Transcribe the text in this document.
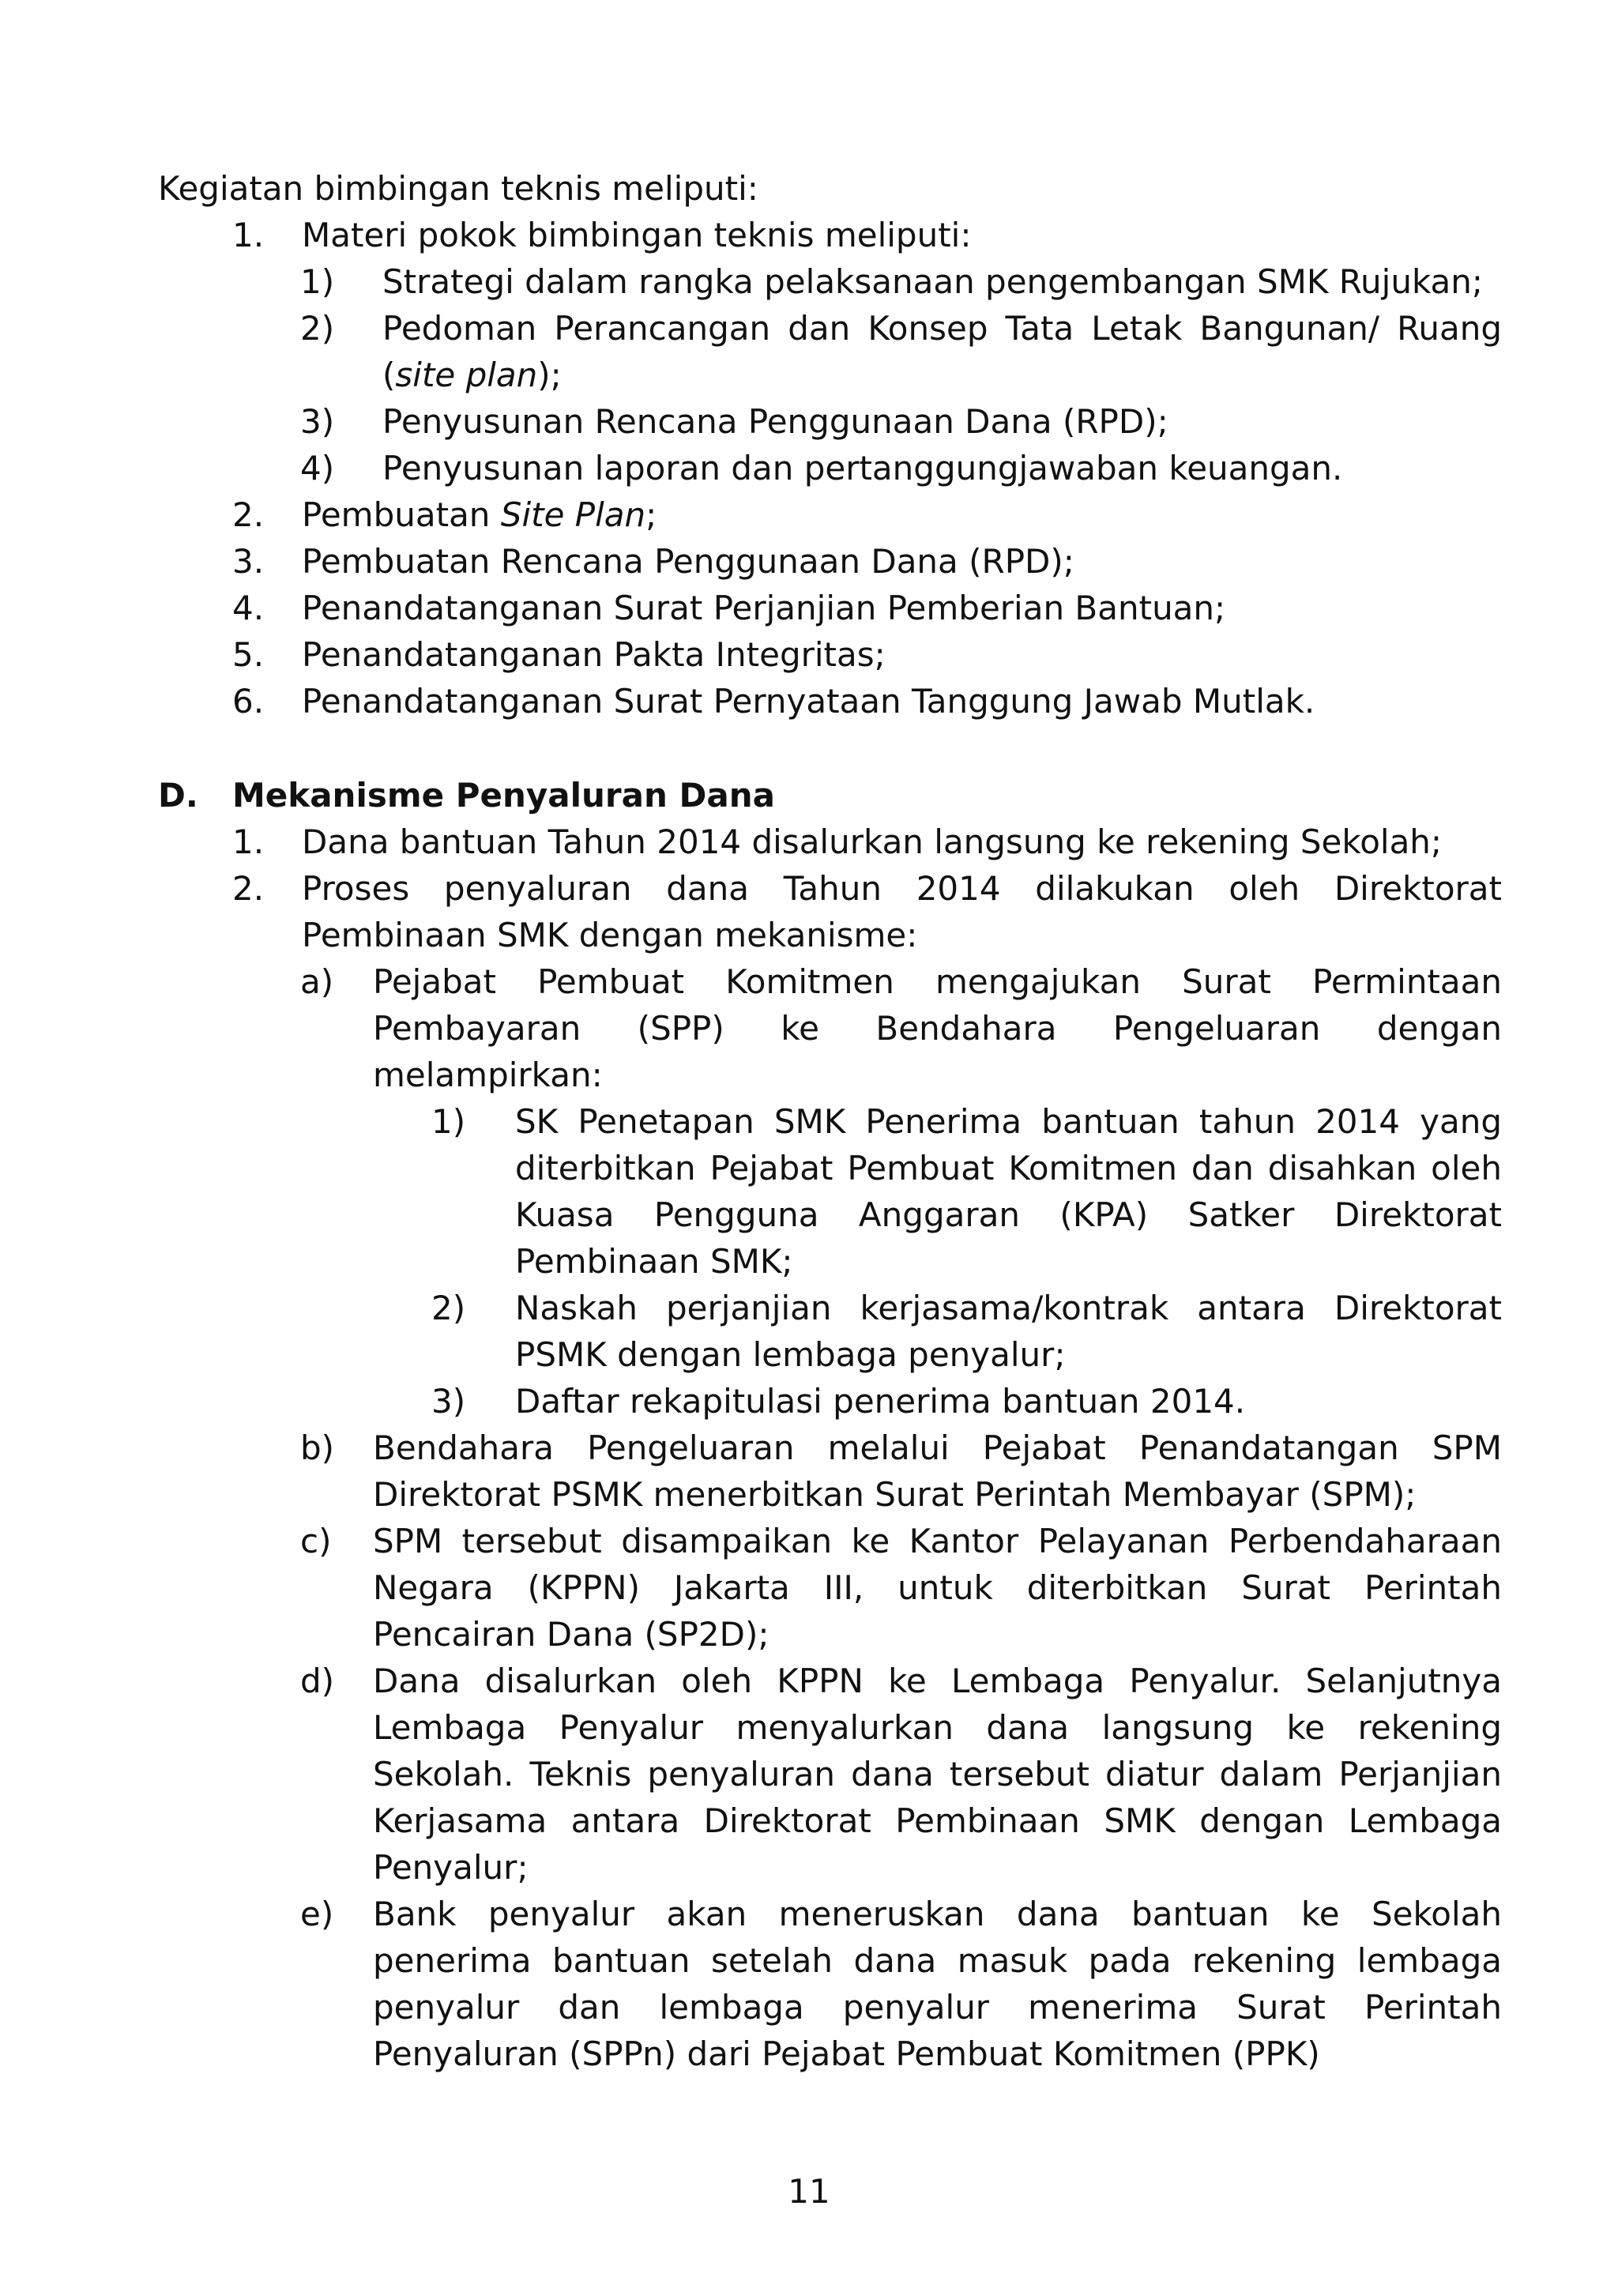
Kegiatan bimbingan teknis meliputi:

1.	Materi pokok bimbingan teknis meliputi:
1)	Strategi dalam rangka pelaksanaan pengembangan SMK Rujukan;
2)	Pedoman Perancangan dan Konsep Tata Letak Bangunan/ Ruang (site plan);
3)	Penyusunan Rencana Penggunaan Dana (RPD);
4)	Penyusunan laporan dan pertanggungjawaban keuangan.
2.	Pembuatan Site Plan;
3.	Pembuatan Rencana Penggunaan Dana (RPD);
4.	Penandatanganan Surat Perjanjian Pemberian Bantuan;
5.	Penandatanganan Pakta Integritas;
6.	Penandatanganan Surat Pernyataan Tanggung Jawab Mutlak.
D.	Mekanisme Penyaluran Dana
1.	Dana bantuan Tahun 2014 disalurkan langsung ke rekening Sekolah;
2.	Proses penyaluran dana Tahun 2014 dilakukan oleh Direktorat Pembinaan SMK dengan mekanisme:
a)	Pejabat Pembuat Komitmen mengajukan Surat Permintaan Pembayaran (SPP) ke Bendahara Pengeluaran dengan melampirkan:
1)	SK Penetapan SMK Penerima bantuan tahun 2014 yang diterbitkan Pejabat Pembuat Komitmen dan disahkan oleh Kuasa Pengguna Anggaran (KPA) Satker Direktorat Pembinaan SMK;
2)	Naskah perjanjian kerjasama/kontrak antara Direktorat PSMK dengan lembaga penyalur;
3)	Daftar rekapitulasi penerima bantuan 2014.
b)	Bendahara Pengeluaran melalui Pejabat Penandatangan SPM Direktorat PSMK menerbitkan Surat Perintah Membayar (SPM);
c)	SPM tersebut disampaikan ke Kantor Pelayanan Perbendaharaan Negara (KPPN) Jakarta III, untuk diterbitkan Surat Perintah Pencairan Dana (SP2D);
d)	Dana disalurkan oleh KPPN ke Lembaga Penyalur. Selanjutnya Lembaga Penyalur menyalurkan dana langsung ke rekening Sekolah. Teknis penyaluran dana tersebut diatur dalam Perjanjian Kerjasama antara Direktorat Pembinaan SMK dengan Lembaga Penyalur;
e)	Bank penyalur akan meneruskan dana bantuan ke Sekolah penerima bantuan setelah dana masuk pada rekening lembaga penyalur dan lembaga penyalur menerima Surat Perintah Penyaluran (SPPn) dari Pejabat Pembuat Komitmen (PPK)
11
